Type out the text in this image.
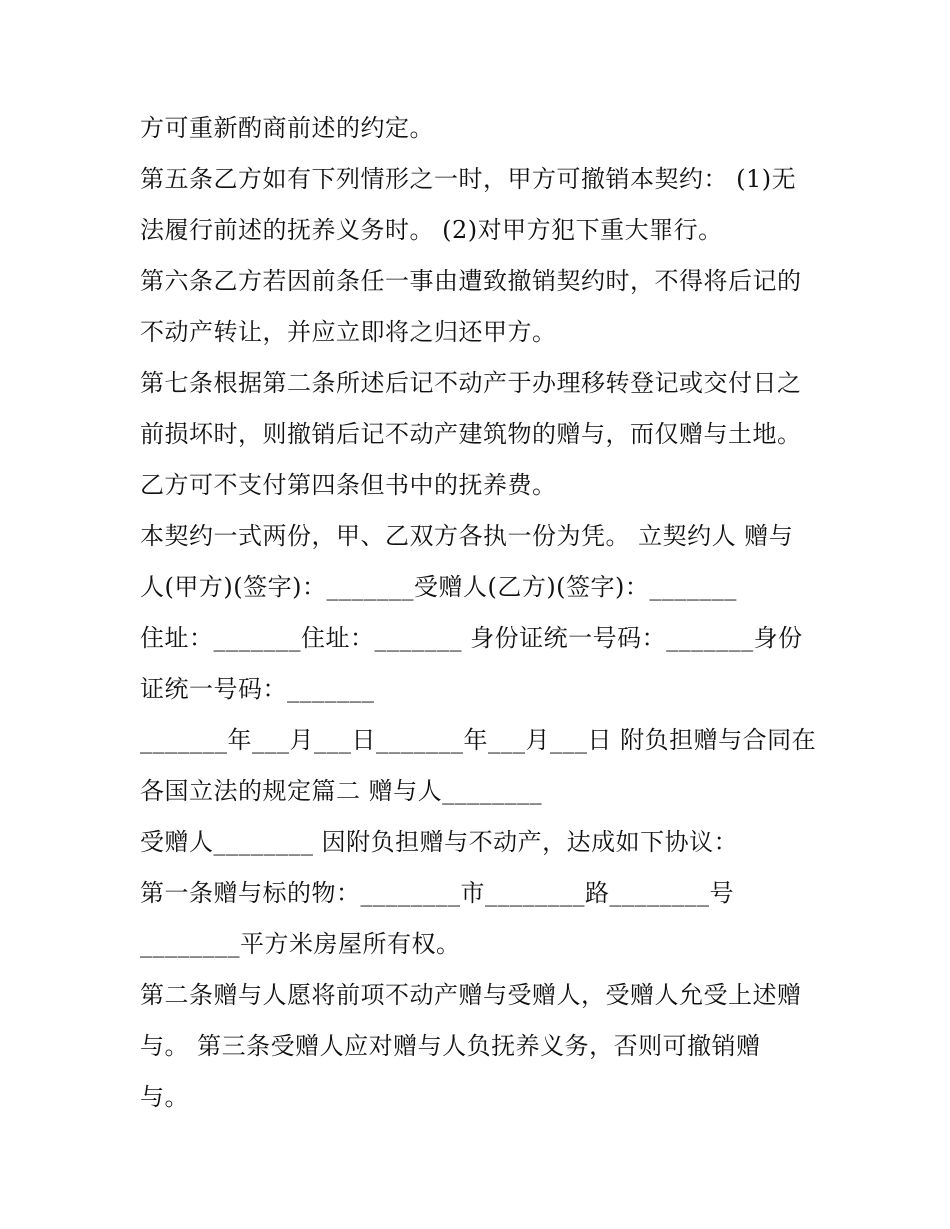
方可重新酌商前述的约定。
第五条乙方如有下列情形之一时，甲方可撤销本契约： (1)无
法履行前述的抚养义务时。 (2)对甲方犯下重大罪行。
第六条乙方若因前条任一事由遭致撤销契约时，不得将后记的
不动产转让，并应立即将之归还甲方。
第七条根据第二条所述后记不动产于办理移转登记或交付日之
前损坏时，则撤销后记不动产建筑物的赠与，而仅赠与土地。
乙方可不支付第四条但书中的抚养费。
本契约一式两份，甲、乙双方各执一份为凭。 立契约人 赠与
人(甲方)(签字)：_______受赠人(乙方)(签字)：_______
住址：_______住址：_______ 身份证统一号码：_______身份
证统一号码：_______
_______年___月___日_______年___月___日 附负担赠与合同在
各国立法的规定篇二 赠与人________
受赠人________ 因附负担赠与不动产，达成如下协议：
第一条赠与标的物：________市________路________号
________平方米房屋所有权。
第二条赠与人愿将前项不动产赠与受赠人，受赠人允受上述赠
与。 第三条受赠人应对赠与人负抚养义务，否则可撤销赠
与。
